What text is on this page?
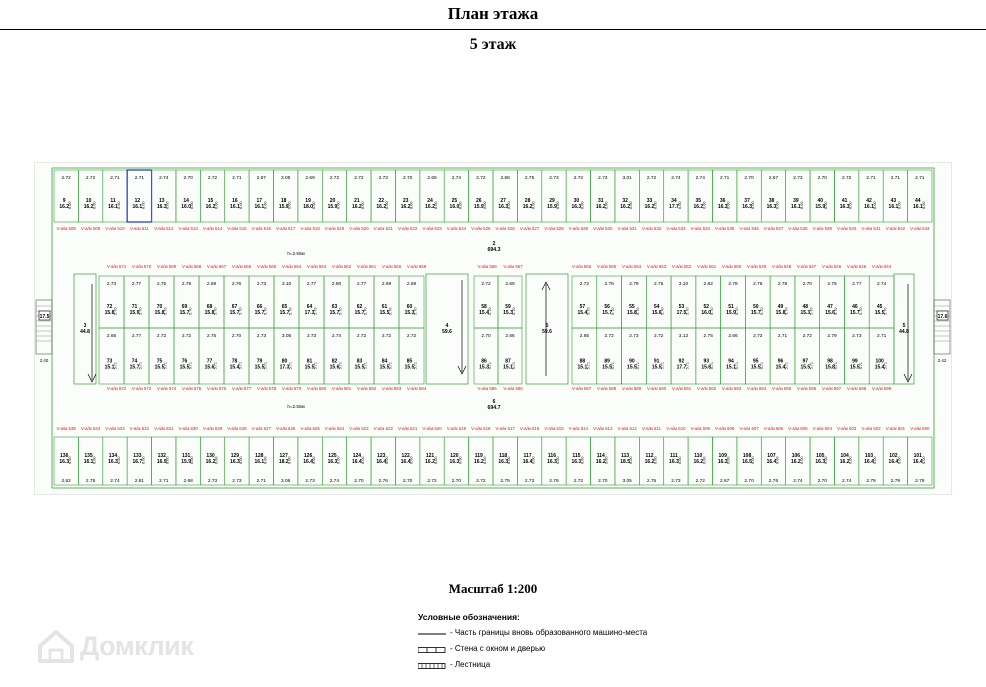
План этажа
5 этаж
2.72
9
16.2 6.00
2.72
10
16.2 6.00
2.71
11
16.1 6.00
2.71
12
16.1 6.00
2.74
13
16.3 6.00
2.70
14
16.0 6.00
2.72
15
16.2 6.00
2.71
16
16.1 6.00
2.67
17
16.1 6.00
3.05
18
15.9 6.00
2.69
19
18.0 6.00
2.72
20
15.9 6.00
2.72
21
16.2 6.00
2.73
22
16.2 6.00
2.70
23
16.2 6.00
2.69
24
16.2 6.00
2.74
25
16.0 6.00
2.72
26
15.9 6.00
2.68
27
16.3 6.00
2.75
28
16.2 6.00
2.73
29
15.9 6.00
2.72
30
16.3 6.00
2.73
31
16.2 6.00
3.01
32
16.2 6.00
2.72
33
16.2 6.00
2.74
34
17.7 6.00
2.74
35
16.2 6.00
2.71
36
16.3 6.00
2.70
37
16.3 6.00
2.67
38
16.3 6.00
2.73
39
16.1 6.00
2.70
40
15.9 6.00
2.72
41
16.3 6.00
2.71
42
16.1 6.00
2.71
43
16.1 6.00
2.71
44
16.1 6.00
V-а/м 508 V-а/м 509 V-а/м 510 V-а/м 511 V-а/м 512 V-а/м 513 V-а/м 514 V-а/м 515 V-а/м 516 V-а/м 517 V-а/м 518 V-а/м 519 V-а/м 520 V-а/м 521 V-а/м 522 V-а/м 523 V-а/м 524 V-а/м 525 V-а/м 526 V-а/м 527 V-а/м 528 V-а/м 529 V-а/м 530 V-а/м 531 V-а/м 532 V-а/м 533 V-а/м 534 V-а/м 535 V-а/м 536 V-а/м 537 V-а/м 538 V-а/м 539 V-а/м 540 V-а/м 541 V-а/м 542 V-а/м 543
2.62
136
16.3 6.00
2.75
135
16.1 6.00
2.74
134
16.3 6.00
2.81
133
16.7 6.00
2.71
132
16.9 6.00
2.68
131
15.9 6.00
2.73
130
16.2 6.00
2.73
129
16.3 6.00
2.71
128
16.1 6.00
3.06
127
18.2 6.00
2.73
126
16.4 6.00
2.74
125
16.3 6.00
2.70
124
16.4 6.00
2.76
123
16.4 6.00
2.70
122
16.4 6.00
2.72
121
16.2 6.00
2.70
120
16.3 6.00
2.72
119
16.2 6.00
2.75
118
16.3 6.00
2.72
117
16.4 6.00
2.76
116
16.3 6.00
2.72
115
16.3 6.00
2.70
114
16.2 6.00
3.05
113
18.5 6.00
2.75
112
16.2 6.00
2.73
111
16.3 6.00
2.72
110
16.2 6.00
2.67
109
16.3 6.00
2.70
108
16.5 6.00
2.76
107
16.4 6.00
2.74
106
16.2 6.00
2.70
105
16.3 6.00
2.74
104
16.2 6.00
2.79
103
16.4 6.00
2.79
102
16.4 6.00
2.79
101
16.4 6.00
V-а/м 635 V-а/м 634 V-а/м 633 V-а/м 632 V-а/м 631 V-а/м 630 V-а/м 629 V-а/м 628 V-а/м 627 V-а/м 626 V-а/м 625 V-а/м 624 V-а/м 623 V-а/м 622 V-а/м 621 V-а/м 620 V-а/м 619 V-а/м 618 V-а/м 617 V-а/м 616 V-а/м 615 V-а/м 614 V-а/м 613 V-а/м 612 V-а/м 611 V-а/м 610 V-а/м 609 V-а/м 608 V-а/м 607 V-а/м 606 V-а/м 605 V-а/м 604 V-а/м 603 V-а/м 602 V-а/м 601 V-а/м 600
2
694.3
6
694.7
h=2.55м
h=2.55м
V-а/м 571 V-а/м 570 V-а/м 569 V-а/м 568 V-а/м 567 V-а/м 566 V-а/м 565 V-а/м 564 V-а/м 563 V-а/м 562 V-а/м 561 V-а/м 560 V-а/м 559	V-а/м 558 V-а/м 557	V-а/м 556 V-а/м 555 V-а/м 554 V-а/м 553 V-а/м 552 V-а/м 551 V-а/м 550 V-а/м 549 V-а/м 548 V-а/м 547 V-а/м 546 V-а/м 545 V-а/м 544
V-а/м 572 V-а/м 573 V-а/м 574 V-а/м 575 V-а/м 576 V-а/м 577 V-а/м 578 V-а/м 579 V-а/м 580 V-а/м 581 V-а/м 582 V-а/м 583 V-а/м 584	V-а/м 585 V-а/м 586	V-а/м 587 V-а/м 588 V-а/м 589 V-а/м 590 V-а/м 591 V-а/м 592 V-а/м 593 V-а/м 594 V-а/м 595 V-а/м 596 V-а/м 597 V-а/м 598 V-а/м 599
2.73
72
15.8 5.70
2.77
71
15.9 5.70
2.75
70
15.8 5.70
2.76
69
15.7 5.70
2.69
68
15.8 5.70
2.76
67
15.7 5.70
2.73
66
15.7 5.70
3.10
65
15.7 5.70
2.77
64
17.3 5.70
2.80
63
15.7 5.70
2.77
62
15.7 5.70
2.69
61
15.5 5.70
2.69
60
15.3 5.70
2.66
73
15.1 5.71
2.77
74
15.7 5.71
2.72
75
15.5 5.71
2.72
76
15.5 5.71
2.75
77
15.6 5.71
2.70
78
15.4 5.71
2.73
79
15.5 5.71
3.05
80
17.3 5.71
2.73
81
15.5 5.71
2.74
82
15.6 5.71
2.72
83
15.5 5.71
2.72
84
15.5 5.71
2.72
85
15.5 5.71
2.72
57
15.4 5.70
2.76
56
15.7 5.70
2.79
55
15.8 5.70
2.75
54
15.6 5.70
3.10
53
17.5 5.70
2.82
52
16.0 5.70
2.78
51
15.9 5.70
2.76
50
15.7 5.70
2.78
49
15.8 5.70
2.70
48
15.3 5.70
2.75
47
15.6 5.70
2.77
46
15.7 5.70
2.74
45
15.5 5.70
2.65
88
15.1 5.71
2.72
89
15.5 5.71
2.73
90
15.5 5.71
2.72
91
15.5 5.71
3.12
92
17.7 5.71
2.75
93
15.6 5.71
2.66
94
15.1 5.71
2.72
95
15.5 5.71
2.71
96
15.4 5.71
2.72
97
15.5 5.71
2.79
98
15.8 5.71
2.73
99
15.5 5.71
2.71
100
15.4 5.71
2.72
58
15.4 5.70
2.69
59
15.3 5.70
2.70
86
15.3 5.71
2.66
87
15.1 5.71
3
44.8
5
44.8
4
59.6
5
59.6
17.5
2.40
17.6
2.42
Масштаб 1:200
Условные обозначения:
- Часть границы вновь образованного машино-места
- Стена с окном и дверью
- Лестница
Домклик
